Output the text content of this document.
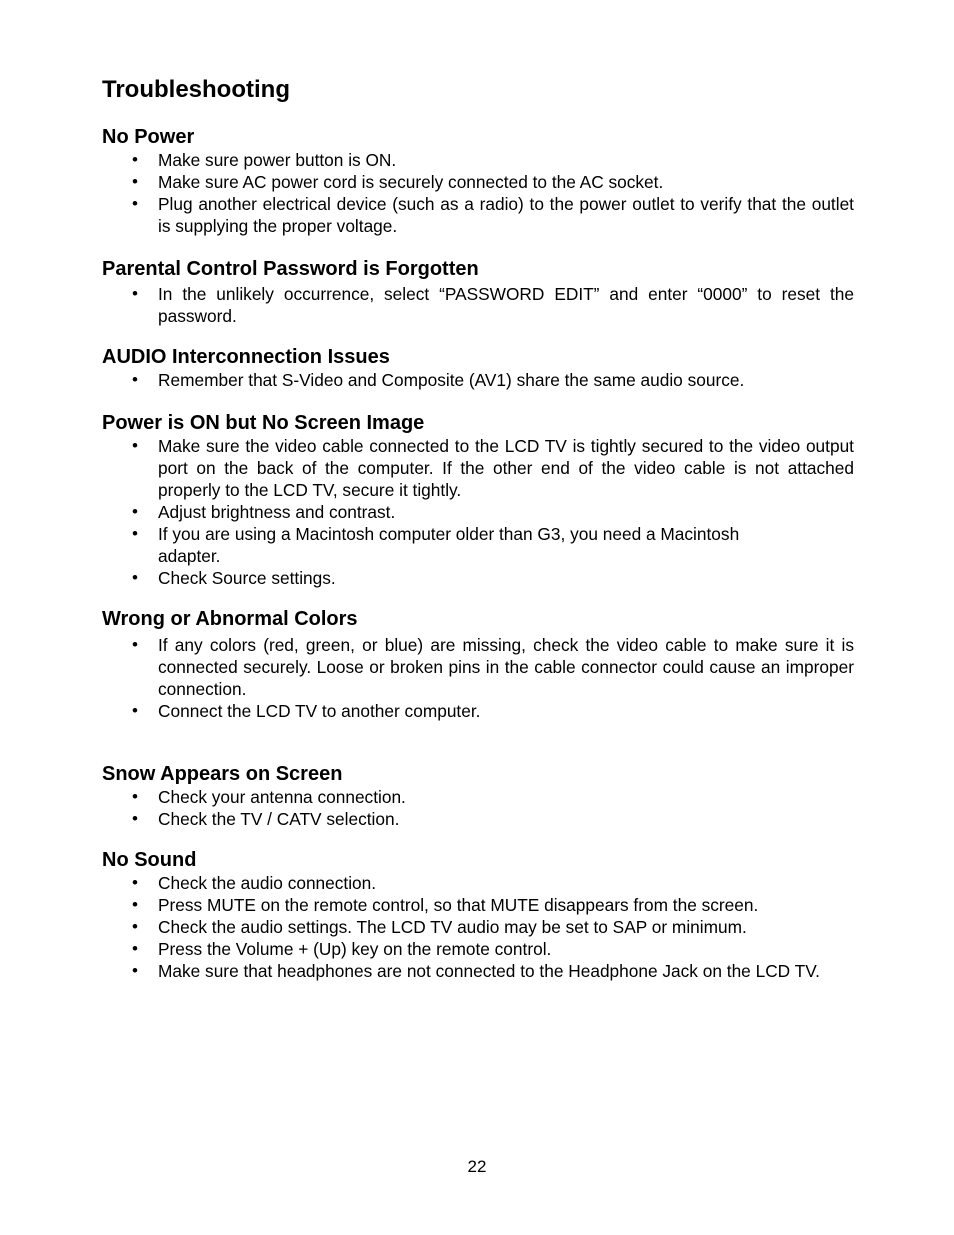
Troubleshooting
No Power
• Make sure power button is ON.
• Make sure AC power cord is securely connected to the AC socket.
• Plug another electrical device (such as a radio) to the power outlet to verify that the outlet is supplying the proper voltage.
Parental Control Password is Forgotten
• In the unlikely occurrence, select “PASSWORD EDIT” and enter “0000” to reset the password.
AUDIO Interconnection Issues
• Remember that S-Video and Composite (AV1) share the same audio source.
Power is ON but No Screen Image
• Make sure the video cable connected to the LCD TV is tightly secured to the video output port on the back of the computer. If the other end of the video cable is not attached properly to the LCD TV, secure it tightly.
• Adjust brightness and contrast.
• If you are using a Macintosh computer older than G3, you need a Macintosh adapter.
• Check Source settings.
Wrong or Abnormal Colors
• If any colors (red, green, or blue) are missing, check the video cable to make sure it is connected securely. Loose or broken pins in the cable connector could cause an improper connection.
• Connect the LCD TV to another computer.
Snow Appears on Screen
• Check your antenna connection.
• Check the TV / CATV selection.
No Sound
• Check the audio connection.
• Press MUTE on the remote control, so that MUTE disappears from the screen.
• Check the audio settings. The LCD TV audio may be set to SAP or minimum.
• Press the Volume + (Up) key on the remote control.
• Make sure that headphones are not connected to the Headphone Jack on the LCD TV.
22
